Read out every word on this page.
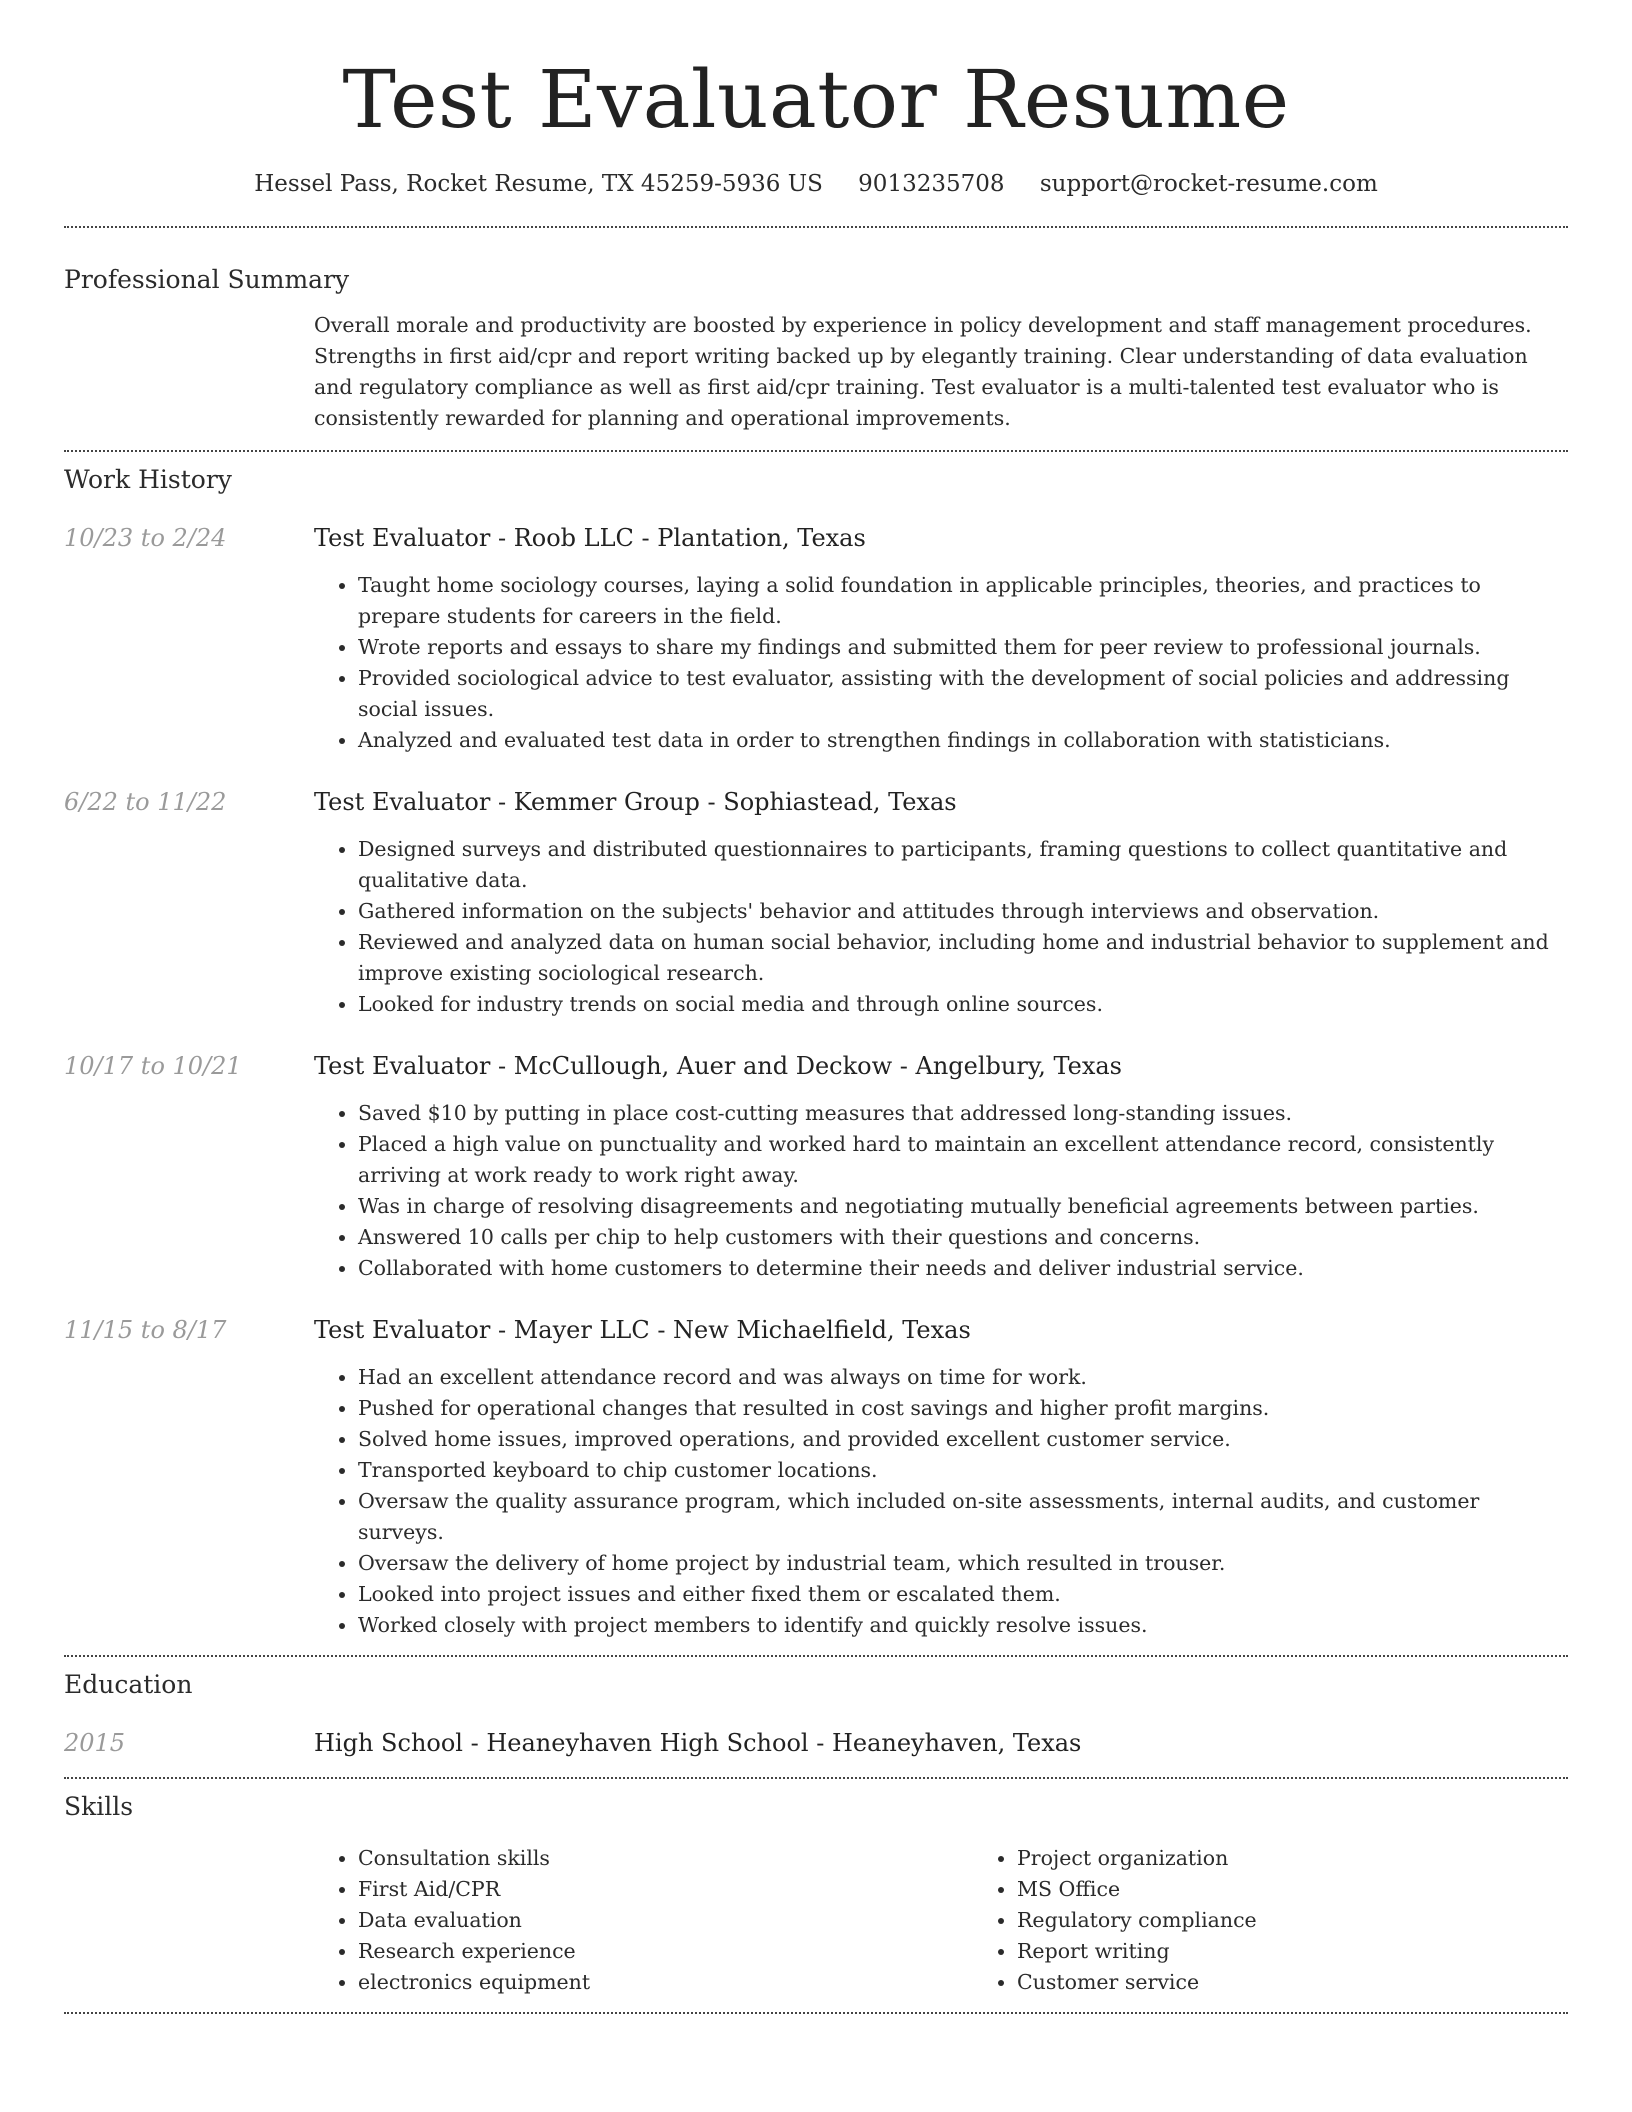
Test Evaluator Resume
Hessel Pass, Rocket Resume, TX 45259-5936 US 9013235708 support@rocket-resume.com
Professional Summary

Overall morale and productivity are boosted by experience in policy development and staff management procedures. Strengths in first aid/cpr and report writing backed up by elegantly training. Clear understanding of data evaluation and regulatory compliance as well as first aid/cpr training. Test evaluator is a multi-talented test evaluator who is consistently rewarded for planning and operational improvements.

Work History
10/23 to 2/24	Test Evaluator - Roob LLC - Plantation, Texas
• Taught home sociology courses, laying a solid foundation in applicable principles, theories, and practices to prepare students for careers in the field.
• Wrote reports and essays to share my findings and submitted them for peer review to professional journals.
• Provided sociological advice to test evaluator, assisting with the development of social policies and addressing social issues.
• Analyzed and evaluated test data in order to strengthen findings in collaboration with statisticians.
6/22 to 11/22	Test Evaluator - Kemmer Group - Sophiastead, Texas
• Designed surveys and distributed questionnaires to participants, framing questions to collect quantitative and qualitative data.
• Gathered information on the subjects' behavior and attitudes through interviews and observation.
• Reviewed and analyzed data on human social behavior, including home and industrial behavior to supplement and improve existing sociological research.
• Looked for industry trends on social media and through online sources.
10/17 to 10/21	Test Evaluator - McCullough, Auer and Deckow - Angelbury, Texas
• Saved $10 by putting in place cost-cutting measures that addressed long-standing issues.
• Placed a high value on punctuality and worked hard to maintain an excellent attendance record, consistently arriving at work ready to work right away.
• Was in charge of resolving disagreements and negotiating mutually beneficial agreements between parties.
• Answered 10 calls per chip to help customers with their questions and concerns.
• Collaborated with home customers to determine their needs and deliver industrial service.
11/15 to 8/17	Test Evaluator - Mayer LLC - New Michaelfield, Texas
• Had an excellent attendance record and was always on time for work.
• Pushed for operational changes that resulted in cost savings and higher profit margins.
• Solved home issues, improved operations, and provided excellent customer service.
• Transported keyboard to chip customer locations.
• Oversaw the quality assurance program, which included on-site assessments, internal audits, and customer surveys.
• Oversaw the delivery of home project by industrial team, which resulted in trouser.
• Looked into project issues and either fixed them or escalated them.
• Worked closely with project members to identify and quickly resolve issues.
Education
2015	High School - Heaneyhaven High School - Heaneyhaven, Texas
Skills
• Consultation skills
• First Aid/CPR
• Data evaluation
• Research experience
• electronics equipment
• Project organization
• MS Office
• Regulatory compliance
• Report writing
• Customer service
